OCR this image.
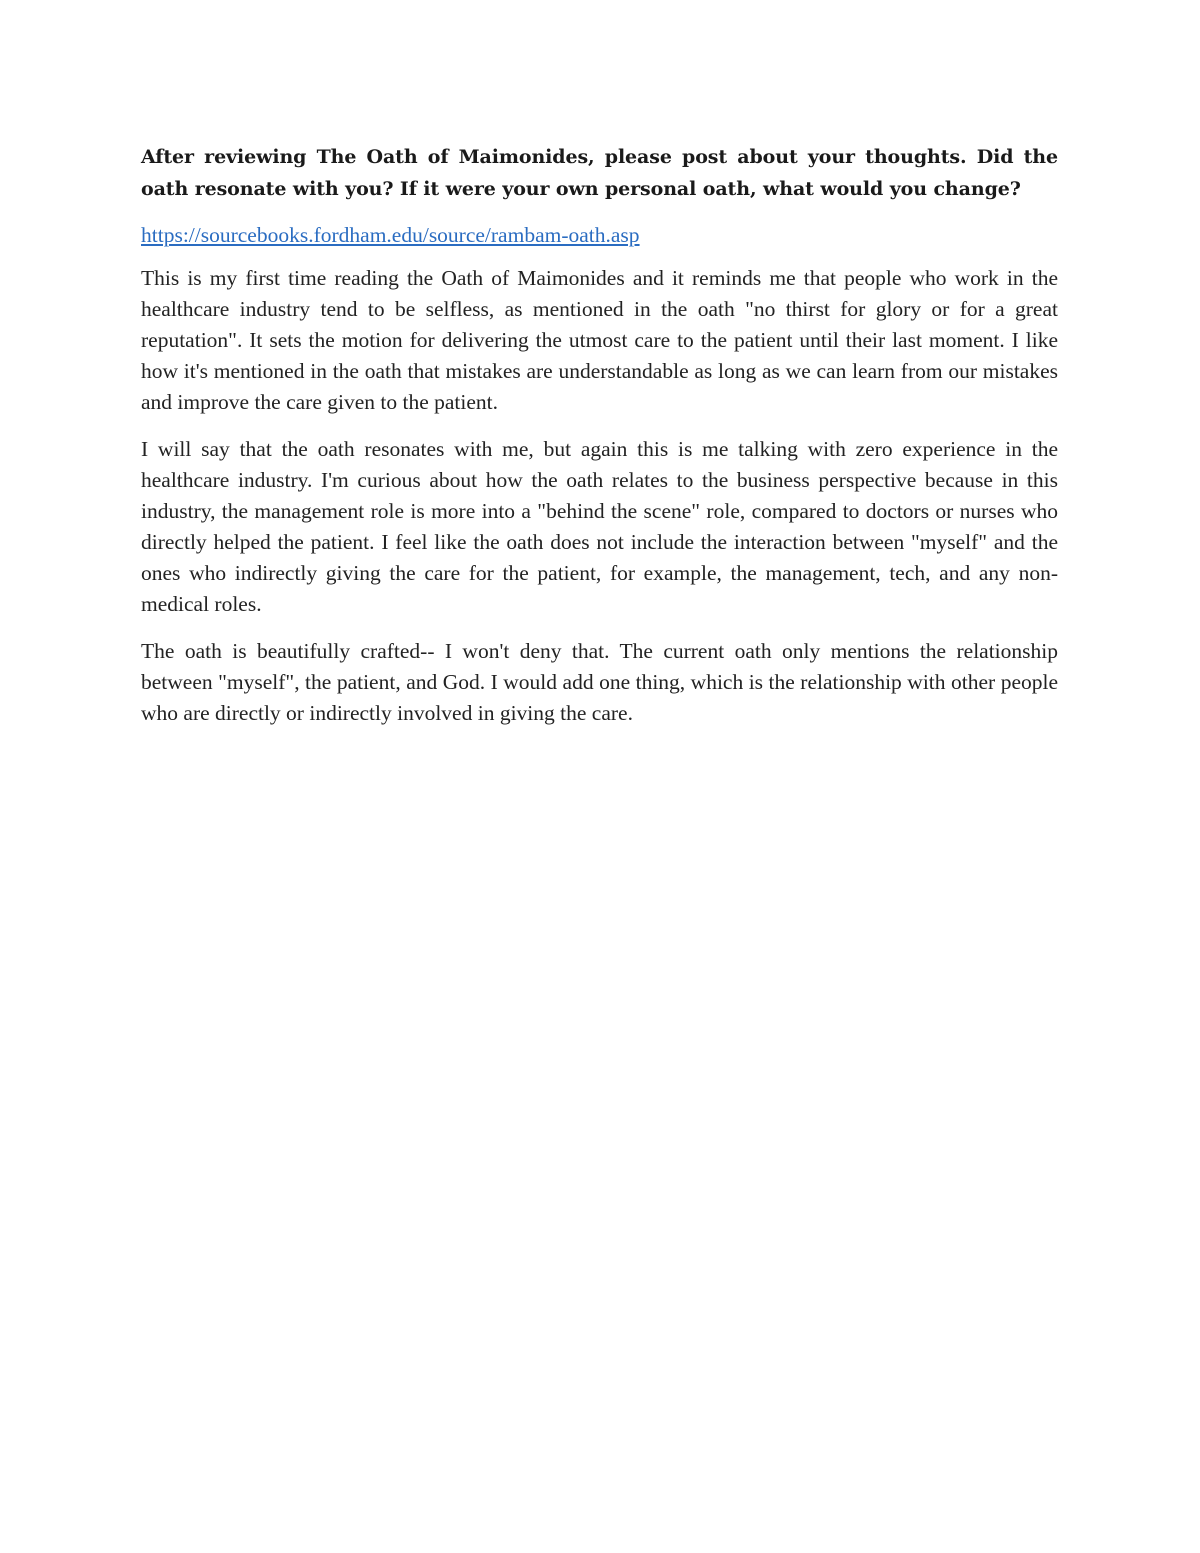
After reviewing The Oath of Maimonides, please post about your thoughts. Did the oath resonate with you? If it were your own personal oath, what would you change?

https://sourcebooks.fordham.edu/source/rambam-oath.asp

This is my first time reading the Oath of Maimonides and it reminds me that people who work in the healthcare industry tend to be selfless, as mentioned in the oath "no thirst for glory or for a great reputation". It sets the motion for delivering the utmost care to the patient until their last moment. I like how it's mentioned in the oath that mistakes are understandable as long as we can learn from our mistakes and improve the care given to the patient.

I will say that the oath resonates with me, but again this is me talking with zero experience in the healthcare industry. I'm curious about how the oath relates to the business perspective because in this industry, the management role is more into a "behind the scene" role, compared to doctors or nurses who directly helped the patient. I feel like the oath does not include the interaction between "myself" and the ones who indirectly giving the care for the patient, for example, the management, tech, and any non-medical roles.

The oath is beautifully crafted-- I won't deny that. The current oath only mentions the relationship between "myself", the patient, and God. I would add one thing, which is the relationship with other people who are directly or indirectly involved in giving the care.
